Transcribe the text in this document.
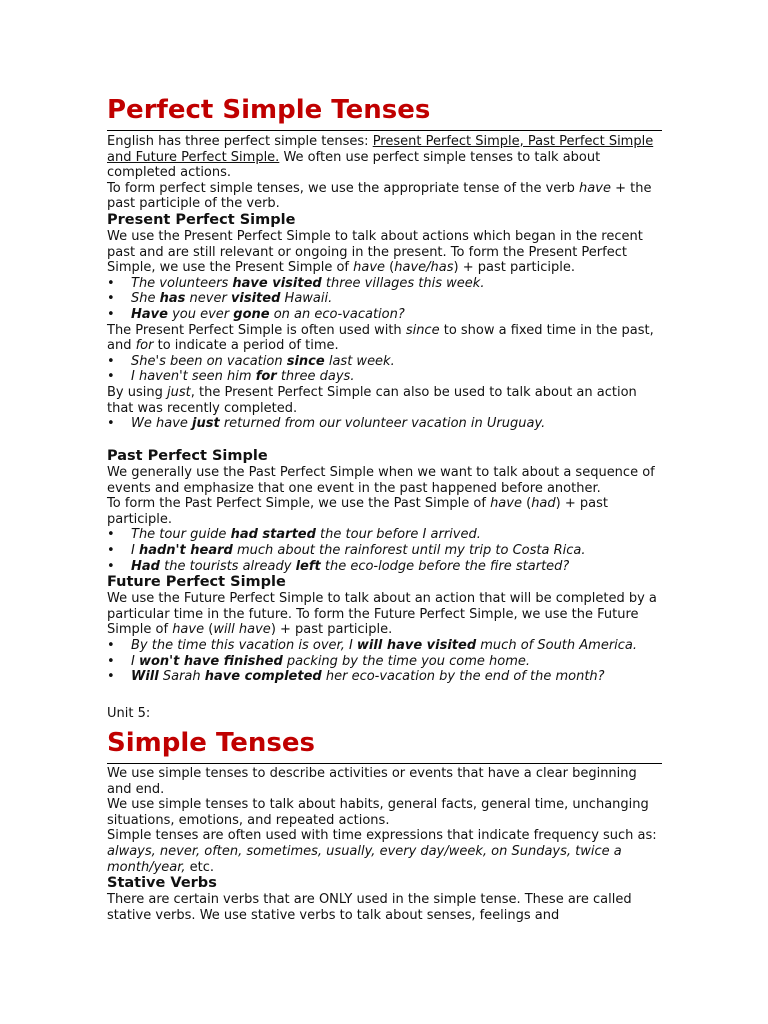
Perfect Simple Tenses

English has three perfect simple tenses: Present Perfect Simple, Past Perfect Simple and Future Perfect Simple. We often use perfect simple tenses to talk about completed actions.

To form perfect simple tenses, we use the appropriate tense of the verb have + the past participle of the verb.

Present Perfect Simple

We use the Present Perfect Simple to talk about actions which began in the recent past and are still relevant or ongoing in the present. To form the Present Perfect Simple, we use the Present Simple of have (have/has) + past participle.

• The volunteers have visited three villages this week.
• She has never visited Hawaii.
• Have you ever gone on an eco-vacation?

The Present Perfect Simple is often used with since to show a fixed time in the past, and for to indicate a period of time.

• She's been on vacation since last week.
• I haven't seen him for three days.

By using just, the Present Perfect Simple can also be used to talk about an action that was recently completed.

• We have just returned from our volunteer vacation in Uruguay.
Past Perfect Simple

We generally use the Past Perfect Simple when we want to talk about a sequence of events and emphasize that one event in the past happened before another.

To form the Past Perfect Simple, we use the Past Simple of have (had) + past participle.

• The tour guide had started the tour before I arrived.
• I hadn't heard much about the rainforest until my trip to Costa Rica.
• Had the tourists already left the eco-lodge before the fire started?
Future Perfect Simple

We use the Future Perfect Simple to talk about an action that will be completed by a particular time in the future. To form the Future Perfect Simple, we use the Future Simple of have (will have) + past participle.

• By the time this vacation is over, I will have visited much of South America.
• I won't have finished packing by the time you come home.
• Will Sarah have completed her eco-vacation by the end of the month?
Unit 5:
Simple Tenses

We use simple tenses to describe activities or events that have a clear beginning and end.

We use simple tenses to talk about habits, general facts, general time, unchanging situations, emotions, and repeated actions.

Simple tenses are often used with time expressions that indicate frequency such as: always, never, often, sometimes, usually, every day/week, on Sundays, twice a month/year, etc.

Stative Verbs

There are certain verbs that are ONLY used in the simple tense. These are called stative verbs. We use stative verbs to talk about senses, feelings and
